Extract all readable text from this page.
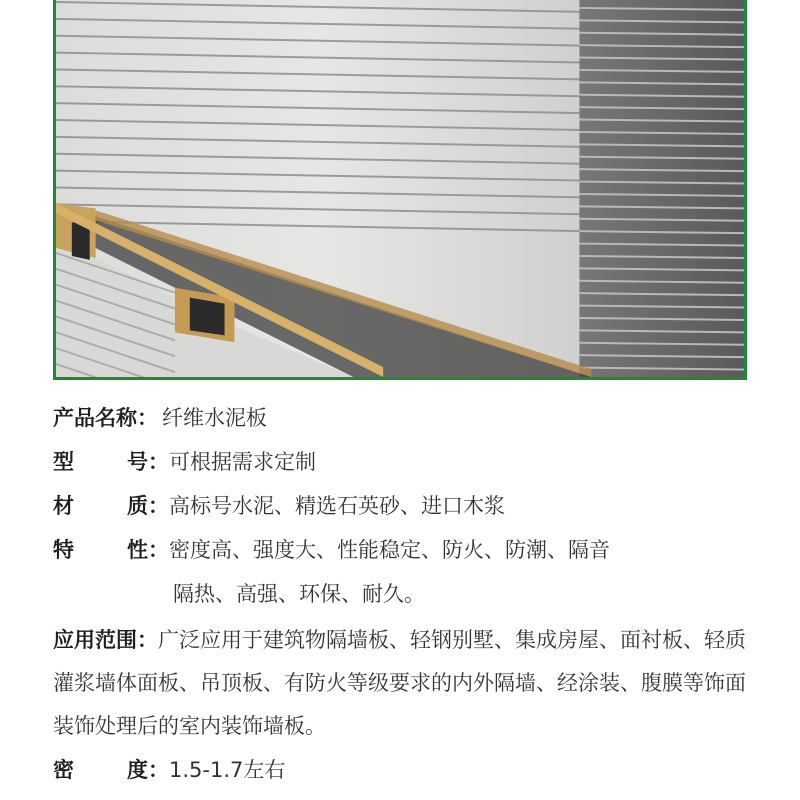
产品名称： 纤维水泥板
型	号： 可根据需求定制
材	质： 高标号水泥、精选石英砂、进口木浆
特	性： 密度高、强度大、性能稳定、防火、防潮、隔音
隔热、高强、环保、耐久。
应用范围：广泛应用于建筑物隔墙板、轻钢别墅、集成房屋、面衬板、轻质灌浆墙体面板、吊顶板、有防火等级要求的内外隔墙、经涂装、腹膜等饰面装饰处理后的室内装饰墙板。
密	度： 1.5-1.7左右
